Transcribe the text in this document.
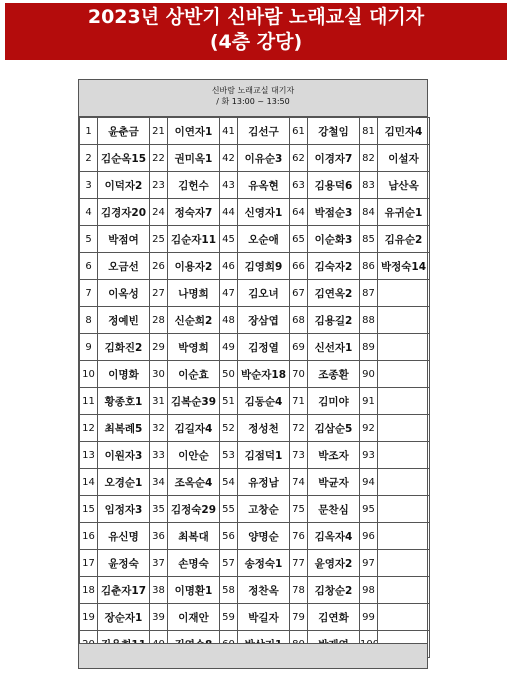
2023년 상반기 신바람 노래교실 대기자
(4층 강당)
신바람 노래교실 대기자
/ 화 13:00 ~ 13:50
1	윤춘금	21	이연자1	41	김선구	61	강철임	81	김민자4
2	김순옥15	22	권미옥1	42	이유순3	62	이경자7	82	이설자
3	이덕자2	23	김헌수	43	유옥현	63	김용덕6	83	남산옥
4	김경자20	24	정숙자7	44	신영자1	64	박점순3	84	유귀순1
5	박점여	25	김순자11	45	오순애	65	이순화3	85	김유순2
6	오금선	26	이용자2	46	김영희9	66	김숙자2	86	박정숙14
7	이옥성	27	나명희	47	김오녀	67	김연옥2	87	
8	정예빈	28	신순희2	48	장삼엽	68	김용길2	88	
9	김화진2	29	박영희	49	김정열	69	신선자1	89	
10	이명화	30	이순효	50	박순자18	70	조종환	90	
11	황종호1	31	김복순39	51	김동순4	71	김미야	91	
12	최복례5	32	김길자4	52	정성천	72	김삼순5	92	
13	이원자3	33	이안순	53	김점덕1	73	박조자	93	
14	오경순1	34	조옥순4	54	유정남	74	박균자	94	
15	임정자3	35	김정숙29	55	고창순	75	문찬심	95	
16	유신명	36	최복대	56	양명순	76	김옥자4	96	
17	윤정숙	37	손명숙	57	송정숙1	77	윤영자2	97	
18	김춘자17	38	이명환1	58	정찬옥	78	김창순2	98	
19	장순자1	39	이재안	59	박길자	79	김연화	99	
